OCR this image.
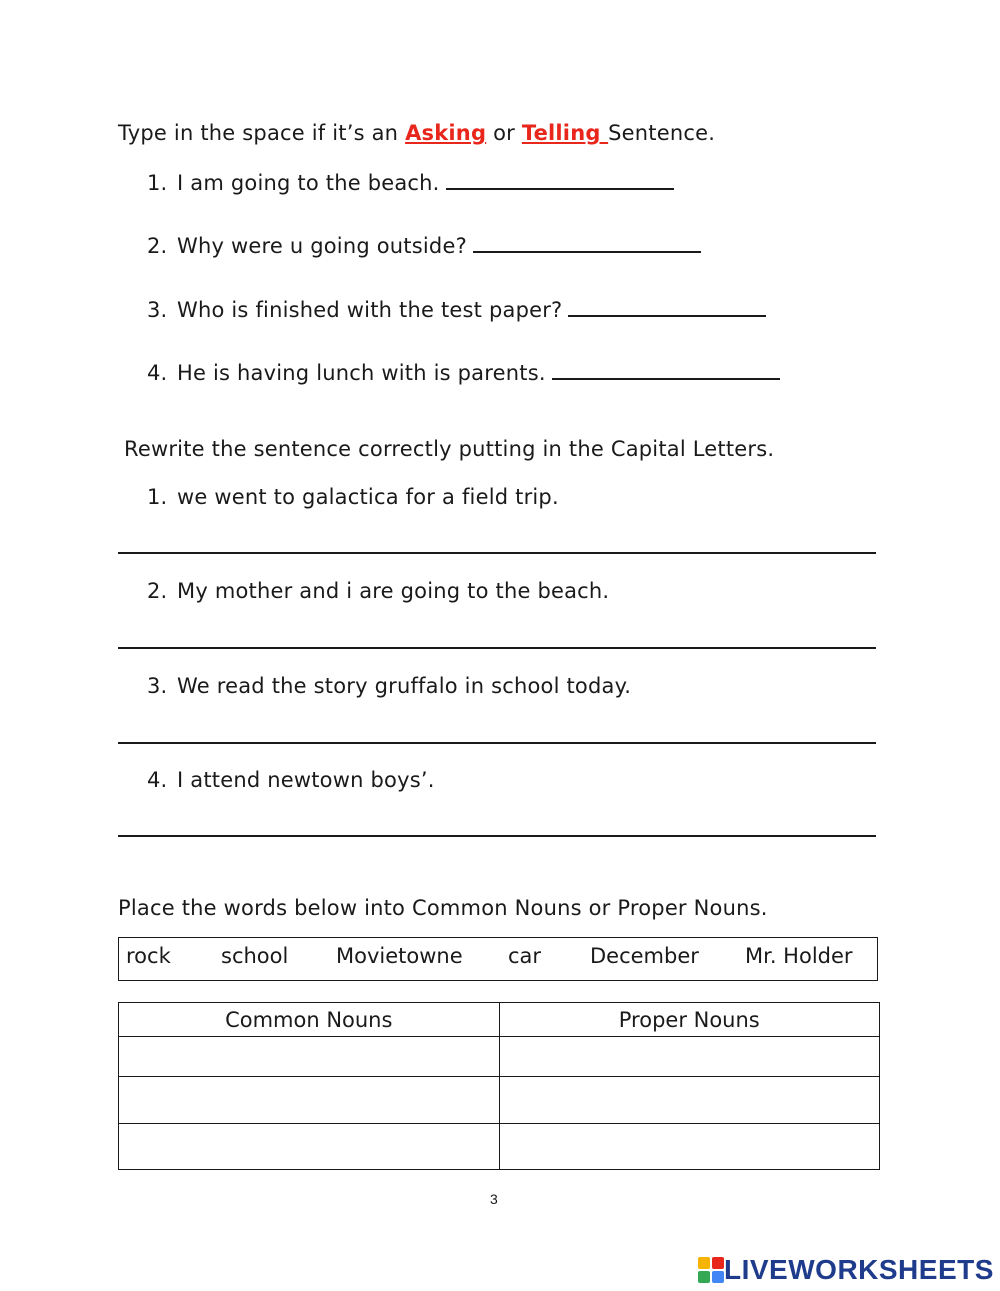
Type in the space if it’s an Asking or Telling Sentence.
1. I am going to the beach.
2. Why were u going outside?
3. Who is finished with the test paper?
4. He is having lunch with is parents.
Rewrite the sentence correctly putting in the Capital Letters.
1. we went to galactica for a field trip.
2. My mother and i are going to the beach.
3. We read the story gruffalo in school today.
4. I attend newtown boys’.
Place the words below into Common Nouns or Proper Nouns.
rock school Movietowne car December Mr. Holder
Common Nouns	Proper Nouns

3
LIVEWORKSHEETS
